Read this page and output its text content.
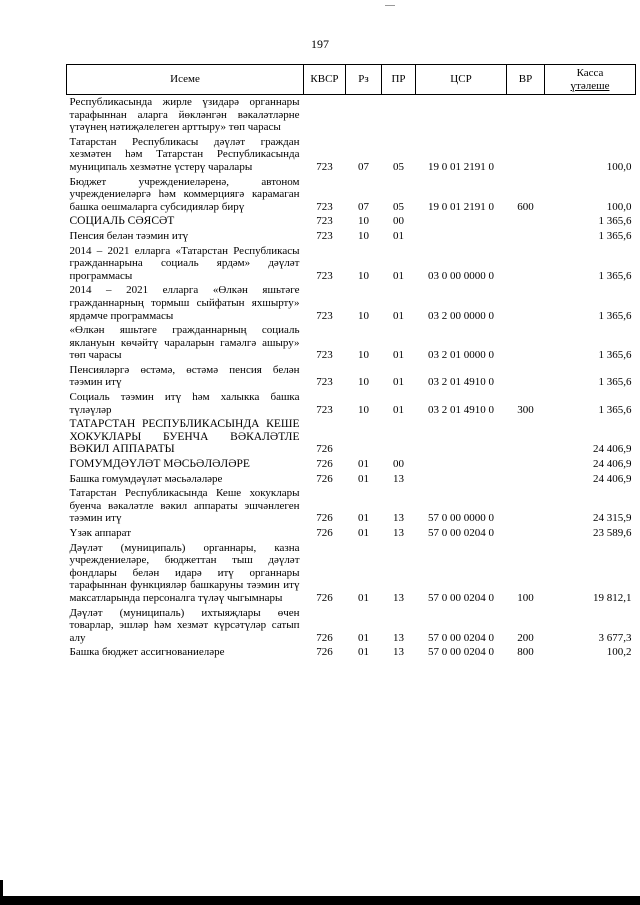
197
Исеме	КВСР	Рз	ПР	ЦСР	ВР	Касса
үтәлеше

Республикасында жирле үзидарә органнары тарафыннан аларга йөкләнгән вәкаләтләрне үтәүнең нәтиҗәлелеген арттыру» төп чарасы						
Татарстан Республикасы дәүләт граждан хезмәтен һәм Татарстан Республикасында муниципаль хезмәтне үстерү чаралары	723	07	05	19 0 01 2191 0		100,0
Бюджет учреждениеләренә, автоном учреждениеләргә һәм коммерциягә карамаган башка оешмаларга субсидияләр бирү	723	07	05	19 0 01 2191 0	600	100,0
СОЦИАЛЬ СӘЯСӘТ	723	10	00			1 365,6
Пенсия белән тәэмин итү	723	10	01			1 365,6
2014 – 2021 елларга «Татарстан Республикасы гражданнарына социаль ярдәм» дәүләт программасы	723	10	01	03 0 00 0000 0		1 365,6
2014 – 2021 елларга «Өлкән яшьтәге гражданнарның тормыш сыйфатын яхшырту» ярдәмче программасы	723	10	01	03 2 00 0000 0		1 365,6
«Өлкән яшьтәге гражданнарның социаль яклануын көчәйтү чараларын гамәлгә ашыру» төп чарасы	723	10	01	03 2 01 0000 0		1 365,6
Пенсияләргә өстәмә, өстәмә пенсия белән тәэмин итү	723	10	01	03 2 01 4910 0		1 365,6
Социаль тәэмин итү һәм халыкка башка түләүләр	723	10	01	03 2 01 4910 0	300	1 365,6
ТАТАРСТАН РЕСПУБЛИКАСЫНДА КЕШЕ ХОКУКЛАРЫ БУЕНЧА ВӘКАЛӘТЛЕ ВӘКИЛ АППАРАТЫ	726					24 406,9
ГОМУМДӘҮЛӘТ МӘСЬӘЛӘЛӘРЕ	726	01	00			24 406,9
Башка гомумдәүләт мәсьәләләре	726	01	13			24 406,9
Татарстан Республикасында Кеше хокуклары буенча вәкаләтле вәкил аппараты эшчәнлеген тәэмин итү	726	01	13	57 0 00 0000 0		24 315,9
Үзәк аппарат	726	01	13	57 0 00 0204 0		23 589,6
Дәүләт (муниципаль) органнары, казна учреждениеләре, бюджеттан тыш дәүләт фондлары белән идарә итү органнары тарафыннан функцияләр башкаруны тәэмин итү максатларында персоналга түләү чыгымнары	726	01	13	57 0 00 0204 0	100	19 812,1
Дәүләт (муниципаль) ихтыяҗлары өчен товарлар, эшләр һәм хезмәт күрсәтүләр сатып алу	726	01	13	57 0 00 0204 0	200	3 677,3
Башка бюджет ассигнованиеләре	726	01	13	57 0 00 0204 0	800	100,2
